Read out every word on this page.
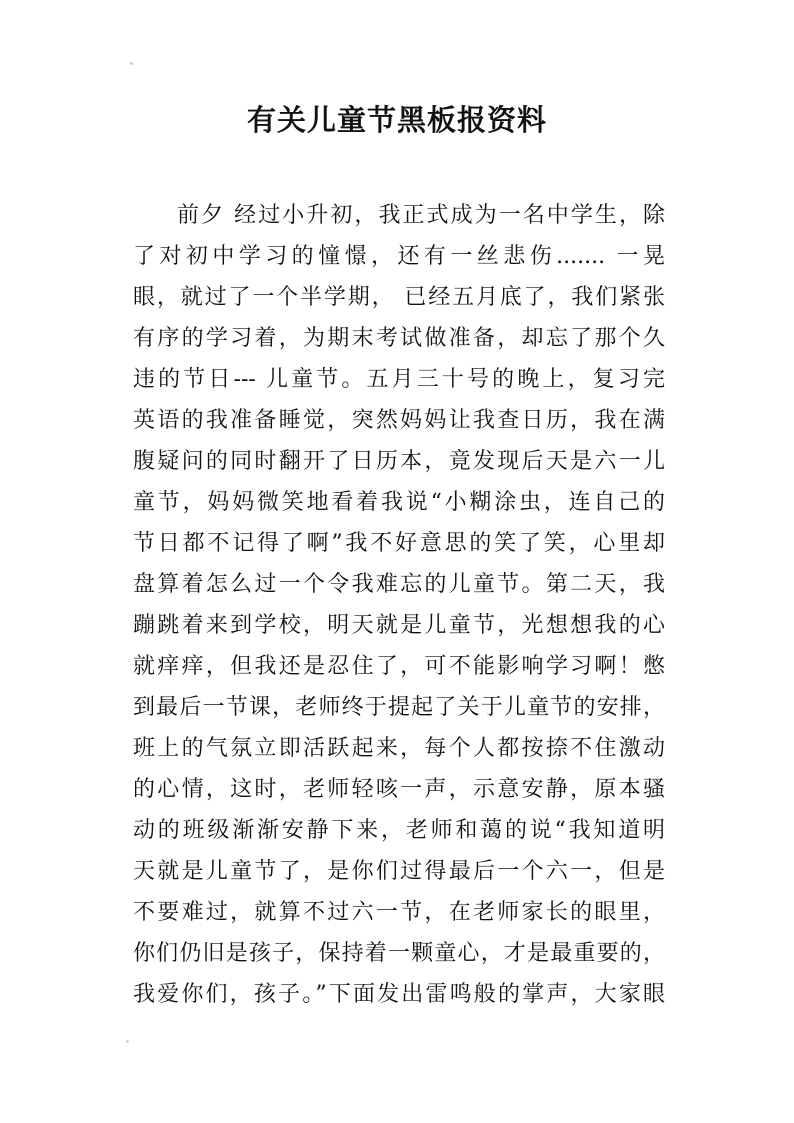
有关儿童节黑板报资料
前夕 经过小升初，我正式成为一名中学生，除
了对初中学习的憧憬，还有一丝悲伤....... 一晃
眼，就过了一个半学期， 已经五月底了，我们紧张
有序的学习着，为期末考试做准备，却忘了那个久
违的节日--- 儿童节。五月三十号的晚上，复习完
英语的我准备睡觉，突然妈妈让我查日历，我在满
腹疑问的同时翻开了日历本，竟发现后天是六一儿
童节，妈妈微笑地看着我说“小糊涂虫，连自己的
节日都不记得了啊”我不好意思的笑了笑，心里却
盘算着怎么过一个令我难忘的儿童节。第二天，我
蹦跳着来到学校，明天就是儿童节，光想想我的心
就痒痒，但我还是忍住了，可不能影响学习啊！憋
到最后一节课，老师终于提起了关于儿童节的安排，
班上的气氛立即活跃起来，每个人都按捺不住激动
的心情，这时，老师轻咳一声，示意安静，原本骚
动的班级渐渐安静下来，老师和蔼的说“我知道明
天就是儿童节了，是你们过得最后一个六一，但是
不要难过，就算不过六一节，在老师家长的眼里，
你们仍旧是孩子，保持着一颗童心，才是最重要的，
我爱你们，孩子。”下面发出雷鸣般的掌声，大家眼
